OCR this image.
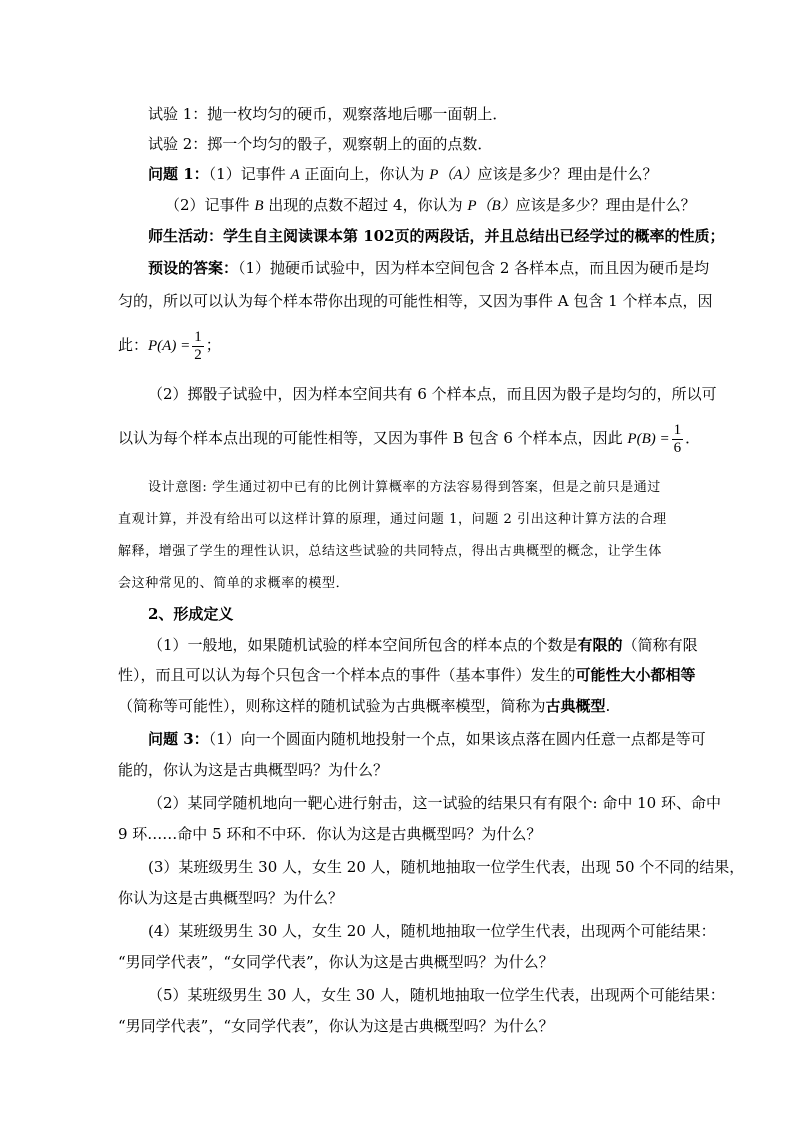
试验 1：抛一枚均匀的硬币，观察落地后哪一面朝上．
试验 2：掷一个均匀的骰子，观察朝上的面的点数．
问题 1：（1）记事件 A 正面向上，你认为 P（A）应该是多少？理由是什么？
（2）记事件 B 出现的点数不超过 4，你认为 P（B）应该是多少？理由是什么？
师生活动：学生自主阅读课本第 102页的两段话，并且总结出已经学过的概率的性质；
预设的答案：（1）抛硬币试验中，因为样本空间包含 2 各样本点，而且因为硬币是均
匀的，所以可以认为每个样本带你出现的可能性相等，又因为事件 A 包含 1 个样本点，因
此：$P(A) = \frac{1}{2}$ ；
（2）掷骰子试验中，因为样本空间共有 6 个样本点，而且因为骰子是均匀的，所以可
以认为每个样本点出现的可能性相等，又因为事件 B 包含 6 个样本点，因此 $P(B) = \frac{1}{6}$ ．
设计意图: 学生通过初中已有的比例计算概率的方法容易得到答案，但是之前只是通过
直观计算，并没有给出可以这样计算的原理，通过问题 1，问题 2 引出这种计算方法的合理
解释，增强了学生的理性认识，总结这些试验的共同特点，得出古典概型的概念，让学生体
会这种常见的、简单的求概率的模型．
2、形成定义
（1）一般地，如果随机试验的样本空间所包含的样本点的个数是有限的（简称有限
性），而且可以认为每个只包含一个样本点的事件（基本事件）发生的可能性大小都相等
（简称等可能性），则称这样的随机试验为古典概率模型，简称为古典概型.
问题 3：（1）向一个圆面内随机地投射一个点，如果该点落在圆内任意一点都是等可
能的，你认为这是古典概型吗？为什么？
（2）某同学随机地向一靶心进行射击，这一试验的结果只有有限个: 命中 10 环、命中
9 环……命中 5 环和不中环．你认为这是古典概型吗？为什么？
(3）某班级男生 30 人，女生 20 人，随机地抽取一位学生代表，出现 50 个不同的结果，
你认为这是古典概型吗？为什么？
(4）某班级男生 30 人，女生 20 人，随机地抽取一位学生代表，出现两个可能结果：
“男同学代表”，“女同学代表”，你认为这是古典概型吗？为什么？
（5）某班级男生 30 人，女生 30 人，随机地抽取一位学生代表，出现两个可能结果：
“男同学代表”，“女同学代表”，你认为这是古典概型吗？为什么？
